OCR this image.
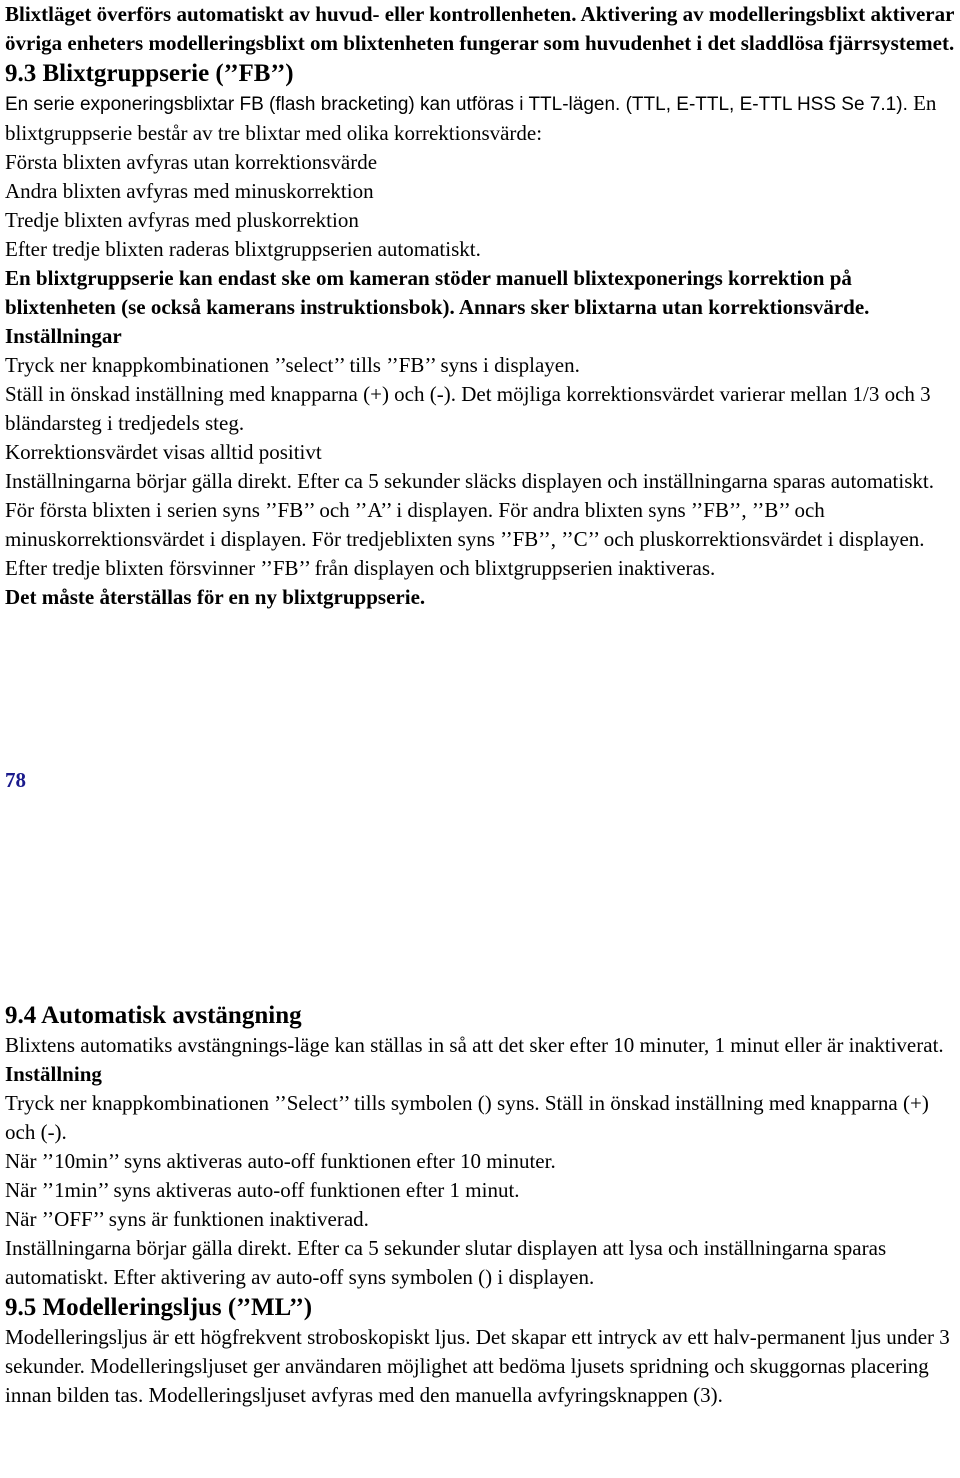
Blixtläget överförs automatiskt av huvud- eller kontrollenheten. Aktivering av modelleringsblixt aktiverar övriga enheters modelleringsblixt om blixtenheten fungerar som huvudenhet i det sladdlösa fjärrsystemet.

9.3 Blixtgruppserie (’’FB’’)

En serie exponeringsblixtar FB (flash bracketing) kan utföras i TTL-lägen. (TTL, E-TTL, E-TTL HSS Se 7.1). En blixtgruppserie består av tre blixtar med olika korrektionsvärde:

Första blixten avfyras utan korrektionsvärde

Andra blixten avfyras med minuskorrektion

Tredje blixten avfyras med pluskorrektion

Efter tredje blixten raderas blixtgruppserien automatiskt.

En blixtgruppserie kan endast ske om kameran stöder manuell blixtexponerings korrektion på blixtenheten (se också kamerans instruktionsbok). Annars sker blixtarna utan korrektionsvärde.

Inställningar

Tryck ner knappkombinationen ’’select’’ tills ’’FB’’ syns i displayen.

Ställ in önskad inställning med knapparna (+) och (-). Det möjliga korrektionsvärdet varierar mellan 1/3 och 3 bländarsteg i tredjedels steg.

Korrektionsvärdet visas alltid positivt

Inställningarna börjar gälla direkt. Efter ca 5 sekunder släcks displayen och inställningarna sparas automatiskt.

För första blixten i serien syns ’’FB’’ och ’’A’’ i displayen. För andra blixten syns ’’FB’’, ’’B’’ och minuskorrektionsvärdet i displayen. För tredjeblixten syns ’’FB’’, ’’C’’ och pluskorrektionsvärdet i displayen. Efter tredje blixten försvinner ’’FB’’ från displayen och blixtgruppserien inaktiveras.

Det måste återställas för en ny blixtgruppserie.

78
9.4 Automatisk avstängning

Blixtens automatiks avstängnings-läge kan ställas in så att det sker efter 10 minuter, 1 minut eller är inaktiverat.

Inställning

Tryck ner knappkombinationen ’’Select’’ tills symbolen () syns. Ställ in önskad inställning med knapparna (+) och (-).

När ’’10min’’ syns aktiveras auto-off funktionen efter 10 minuter.

När ’’1min’’ syns aktiveras auto-off funktionen efter 1 minut.

När ’’OFF’’ syns är funktionen inaktiverad.

Inställningarna börjar gälla direkt. Efter ca 5 sekunder slutar displayen att lysa och inställningarna sparas automatiskt. Efter aktivering av auto-off syns symbolen () i displayen.

9.5 Modelleringsljus (’’ML’’)

Modelleringsljus är ett högfrekvent stroboskopiskt ljus. Det skapar ett intryck av ett halv-permanent ljus under 3 sekunder. Modelleringsljuset ger användaren möjlighet att bedöma ljusets spridning och skuggornas placering innan bilden tas. Modelleringsljuset avfyras med den manuella avfyringsknappen (3).
